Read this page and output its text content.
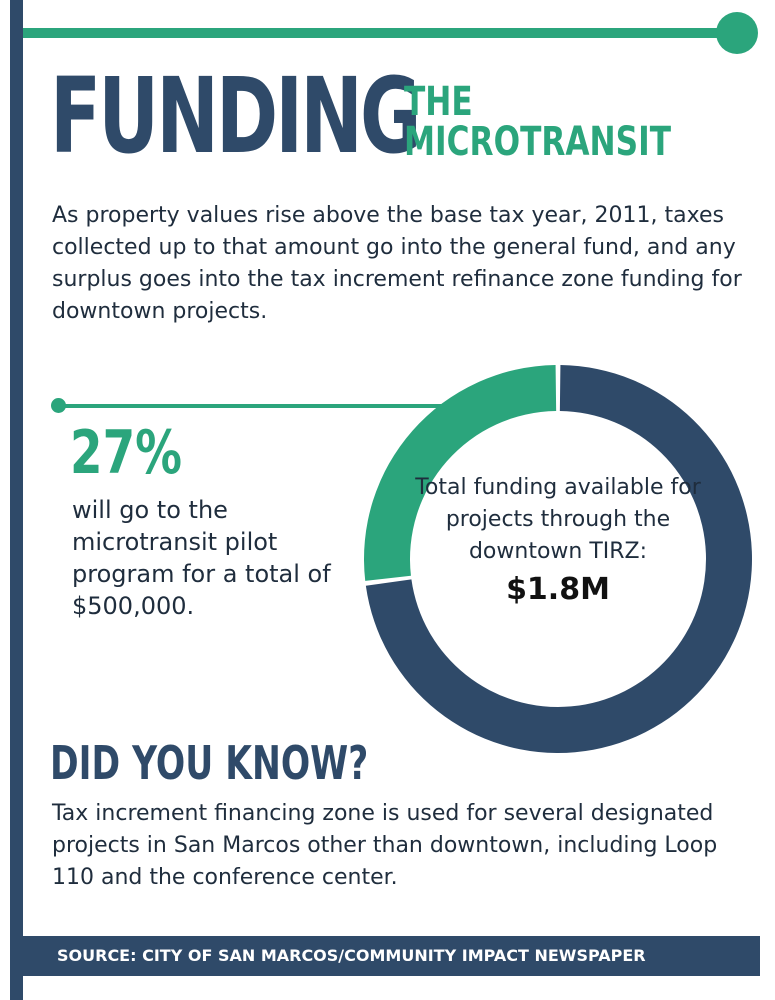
FUNDING
THE
MICROTRANSIT
As property values rise above the base tax year, 2011, taxes collected up to that amount go into the general fund, and any surplus goes into the tax increment refinance zone funding for downtown projects.
27%
will go to the microtransit pilot program for a total of $500,000.
Total funding available for projects through the downtown TIRZ:
$1.8M
DID YOU KNOW?
Tax increment financing zone is used for several designated projects in San Marcos other than downtown, including Loop 110 and the conference center.
SOURCE: CITY OF SAN MARCOS/COMMUNITY IMPACT NEWSPAPER
